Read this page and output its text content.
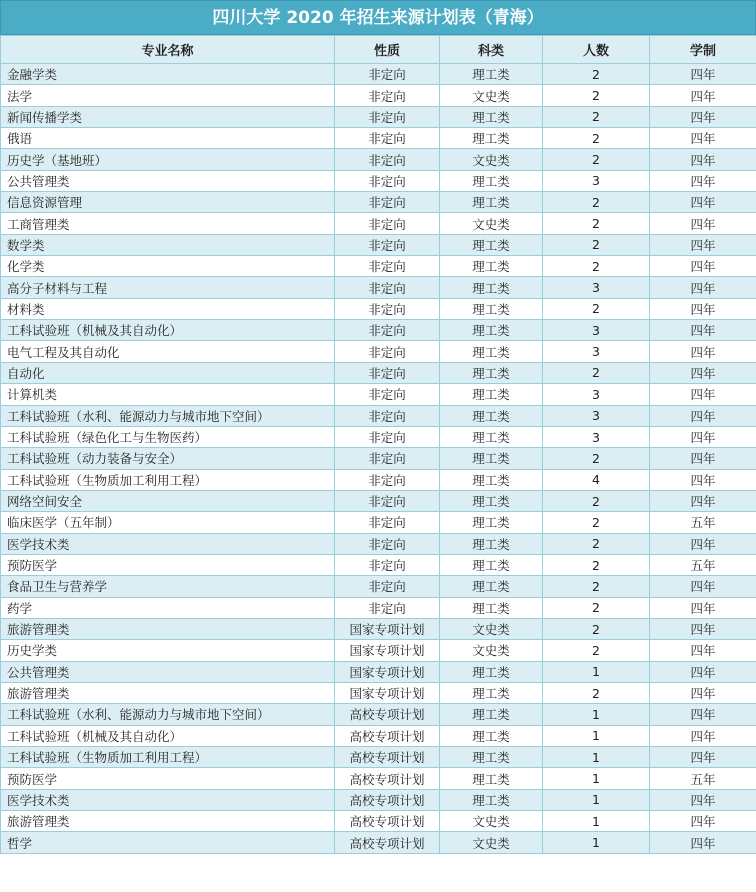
四川大学 2020 年招生来源计划表（青海）
专业名称	性质	科类	人数	学制
金融学类	非定向	理工类	2	四年
法学	非定向	文史类	2	四年
新闻传播学类	非定向	理工类	2	四年
俄语	非定向	理工类	2	四年
历史学（基地班）	非定向	文史类	2	四年
公共管理类	非定向	理工类	3	四年
信息资源管理	非定向	理工类	2	四年
工商管理类	非定向	文史类	2	四年
数学类	非定向	理工类	2	四年
化学类	非定向	理工类	2	四年
高分子材料与工程	非定向	理工类	3	四年
材料类	非定向	理工类	2	四年
工科试验班（机械及其自动化）	非定向	理工类	3	四年
电气工程及其自动化	非定向	理工类	3	四年
自动化	非定向	理工类	2	四年
计算机类	非定向	理工类	3	四年
工科试验班（水利、能源动力与城市地下空间）	非定向	理工类	3	四年
工科试验班（绿色化工与生物医药）	非定向	理工类	3	四年
工科试验班（动力装备与安全）	非定向	理工类	2	四年
工科试验班（生物质加工利用工程）	非定向	理工类	4	四年
网络空间安全	非定向	理工类	2	四年
临床医学（五年制）	非定向	理工类	2	五年
医学技术类	非定向	理工类	2	四年
预防医学	非定向	理工类	2	五年
食品卫生与营养学	非定向	理工类	2	四年
药学	非定向	理工类	2	四年
旅游管理类	国家专项计划	文史类	2	四年
历史学类	国家专项计划	文史类	2	四年
公共管理类	国家专项计划	理工类	1	四年
旅游管理类	国家专项计划	理工类	2	四年
工科试验班（水利、能源动力与城市地下空间）	高校专项计划	理工类	1	四年
工科试验班（机械及其自动化）	高校专项计划	理工类	1	四年
工科试验班（生物质加工利用工程）	高校专项计划	理工类	1	四年
预防医学	高校专项计划	理工类	1	五年
医学技术类	高校专项计划	理工类	1	四年
旅游管理类	高校专项计划	文史类	1	四年
哲学	高校专项计划	文史类	1	四年
